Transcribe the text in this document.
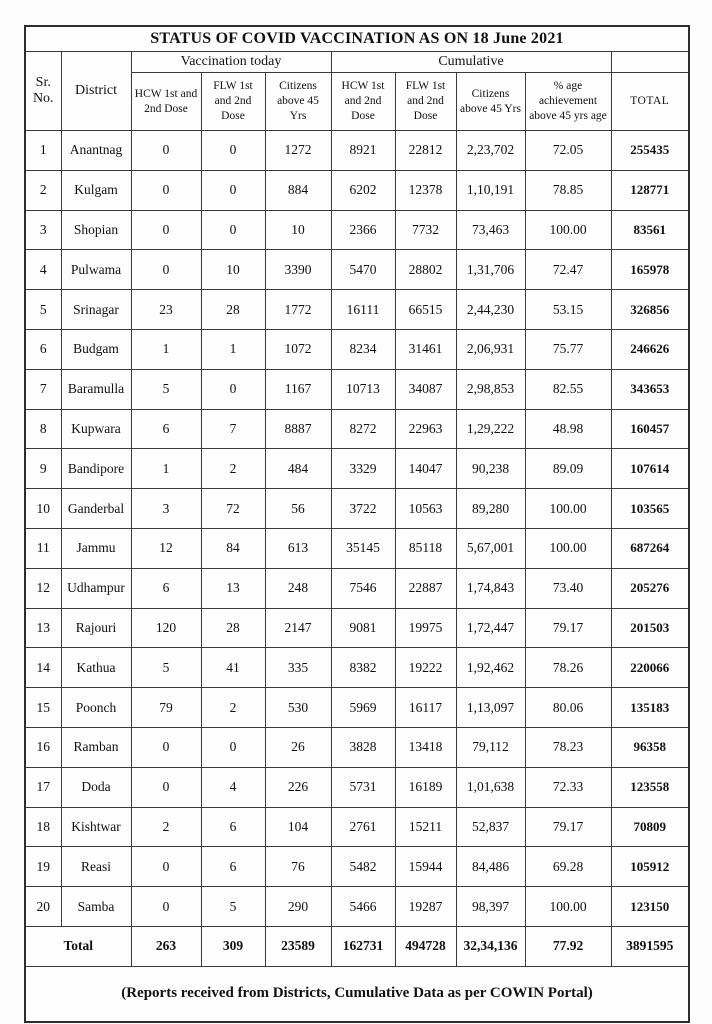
STATUS OF COVID VACCINATION AS ON 18 June 2021									
Sr. No.	District	Vaccination today			Cumulative				
		HCW 1st and 2nd Dose	FLW 1st and 2nd Dose	Citizens above 45 Yrs	HCW 1st and 2nd Dose	FLW 1st and 2nd Dose	Citizens above 45 Yrs	% age achievement above 45 yrs age	TOTAL
1	Anantnag	0	0	1272	8921	22812	2,23,702	72.05	255435
2	Kulgam	0	0	884	6202	12378	1,10,191	78.85	128771
3	Shopian	0	0	10	2366	7732	73,463	100.00	83561
4	Pulwama	0	10	3390	5470	28802	1,31,706	72.47	165978
5	Srinagar	23	28	1772	16111	66515	2,44,230	53.15	326856
6	Budgam	1	1	1072	8234	31461	2,06,931	75.77	246626
7	Baramulla	5	0	1167	10713	34087	2,98,853	82.55	343653
8	Kupwara	6	7	8887	8272	22963	1,29,222	48.98	160457
9	Bandipore	1	2	484	3329	14047	90,238	89.09	107614
10	Ganderbal	3	72	56	3722	10563	89,280	100.00	103565
11	Jammu	12	84	613	35145	85118	5,67,001	100.00	687264
12	Udhampur	6	13	248	7546	22887	1,74,843	73.40	205276
13	Rajouri	120	28	2147	9081	19975	1,72,447	79.17	201503
14	Kathua	5	41	335	8382	19222	1,92,462	78.26	220066
15	Poonch	79	2	530	5969	16117	1,13,097	80.06	135183
16	Ramban	0	0	26	3828	13418	79,112	78.23	96358
17	Doda	0	4	226	5731	16189	1,01,638	72.33	123558
18	Kishtwar	2	6	104	2761	15211	52,837	79.17	70809
19	Reasi	0	6	76	5482	15944	84,486	69.28	105912
20	Samba	0	5	290	5466	19287	98,397	100.00	123150
Total		263	309	23589	162731	494728	32,34,136	77.92	3891595
(Reports received from Districts, Cumulative Data as per COWIN Portal)									
